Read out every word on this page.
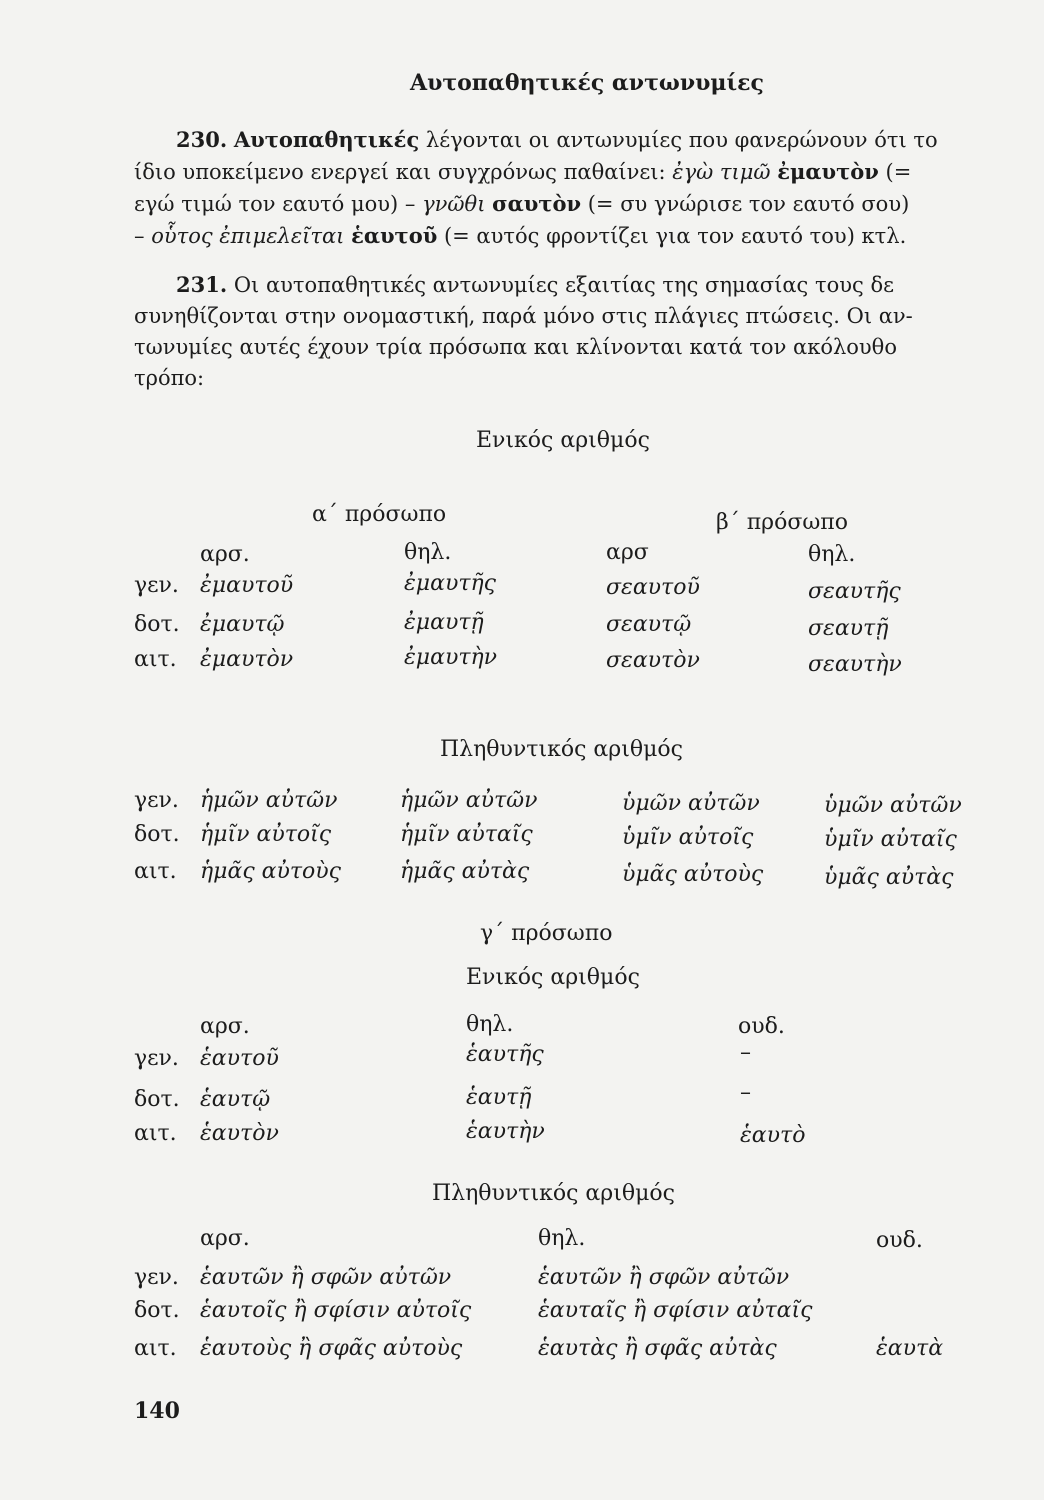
Αυτοπαθητικές αντωνυμίες
230. Αυτοπαθητικές λέγονται οι αντωνυμίες που φανερώνουν ότι το
ίδιο υποκείμενο ενεργεί και συγχρόνως παθαίνει: ἐγὼ τιμῶ ἐμαυτὸν (=
εγώ τιμώ τον εαυτό μου) – γνῶθι σαυτὸν (= συ γνώρισε τον εαυτό σου)
– οὗτος ἐπιμελεῖται ἑαυτοῦ (= αυτός φροντίζει για τον εαυτό του) κτλ.
231. Οι αυτοπαθητικές αντωνυμίες εξαιτίας της σημασίας τους δε
συνηθίζονται στην ονομαστική, παρά μόνο στις πλάγιες πτώσεις. Οι αν-
τωνυμίες αυτές έχουν τρία πρόσωπα και κλίνονται κατά τον ακόλουθο
τρόπο:
Ενικός αριθμός
α΄ πρόσωπο	β΄ πρόσωπο
αρσ.	θηλ.	αρσ	θηλ.
γεν. ἐμαυτοῦ	ἐμαυτῆς	σεαυτοῦ	σεαυτῆς
δοτ. ἐμαυτῷ	ἐμαυτῇ	σεαυτῷ	σεαυτῇ
αιτ. ἐμαυτὸν	ἐμαυτὴν	σεαυτὸν	σεαυτὴν
Πληθυντικός αριθμός
γεν. ἡμῶν αὐτῶν	ἡμῶν αὐτῶν	ὑμῶν αὐτῶν	ὑμῶν αὐτῶν
δοτ. ἡμῖν αὐτοῖς	ἡμῖν αὐταῖς	ὑμῖν αὐτοῖς	ὑμῖν αὐταῖς
αιτ. ἡμᾶς αὐτοὺς	ἡμᾶς αὐτὰς	ὑμᾶς αὐτοὺς	ὑμᾶς αὐτὰς
γ΄ πρόσωπο
Ενικός αριθμός
αρσ.	θηλ.	ουδ.
γεν. ἑαυτοῦ	ἑαυτῆς	–
δοτ. ἑαυτῷ	ἑαυτῇ	–
αιτ. ἑαυτὸν	ἑαυτὴν	ἑαυτὸ
Πληθυντικός αριθμός
αρσ.	θηλ.	ουδ.
γεν. ἑαυτῶν ἢ σφῶν αὐτῶν	ἑαυτῶν ἢ σφῶν αὐτῶν
δοτ. ἑαυτοῖς ἢ σφίσιν αὐτοῖς	ἑαυταῖς ἢ σφίσιν αὐταῖς
αιτ. ἑαυτοὺς ἢ σφᾶς αὐτοὺς	ἑαυτὰς ἢ σφᾶς αὐτὰς	ἑαυτὰ
140
